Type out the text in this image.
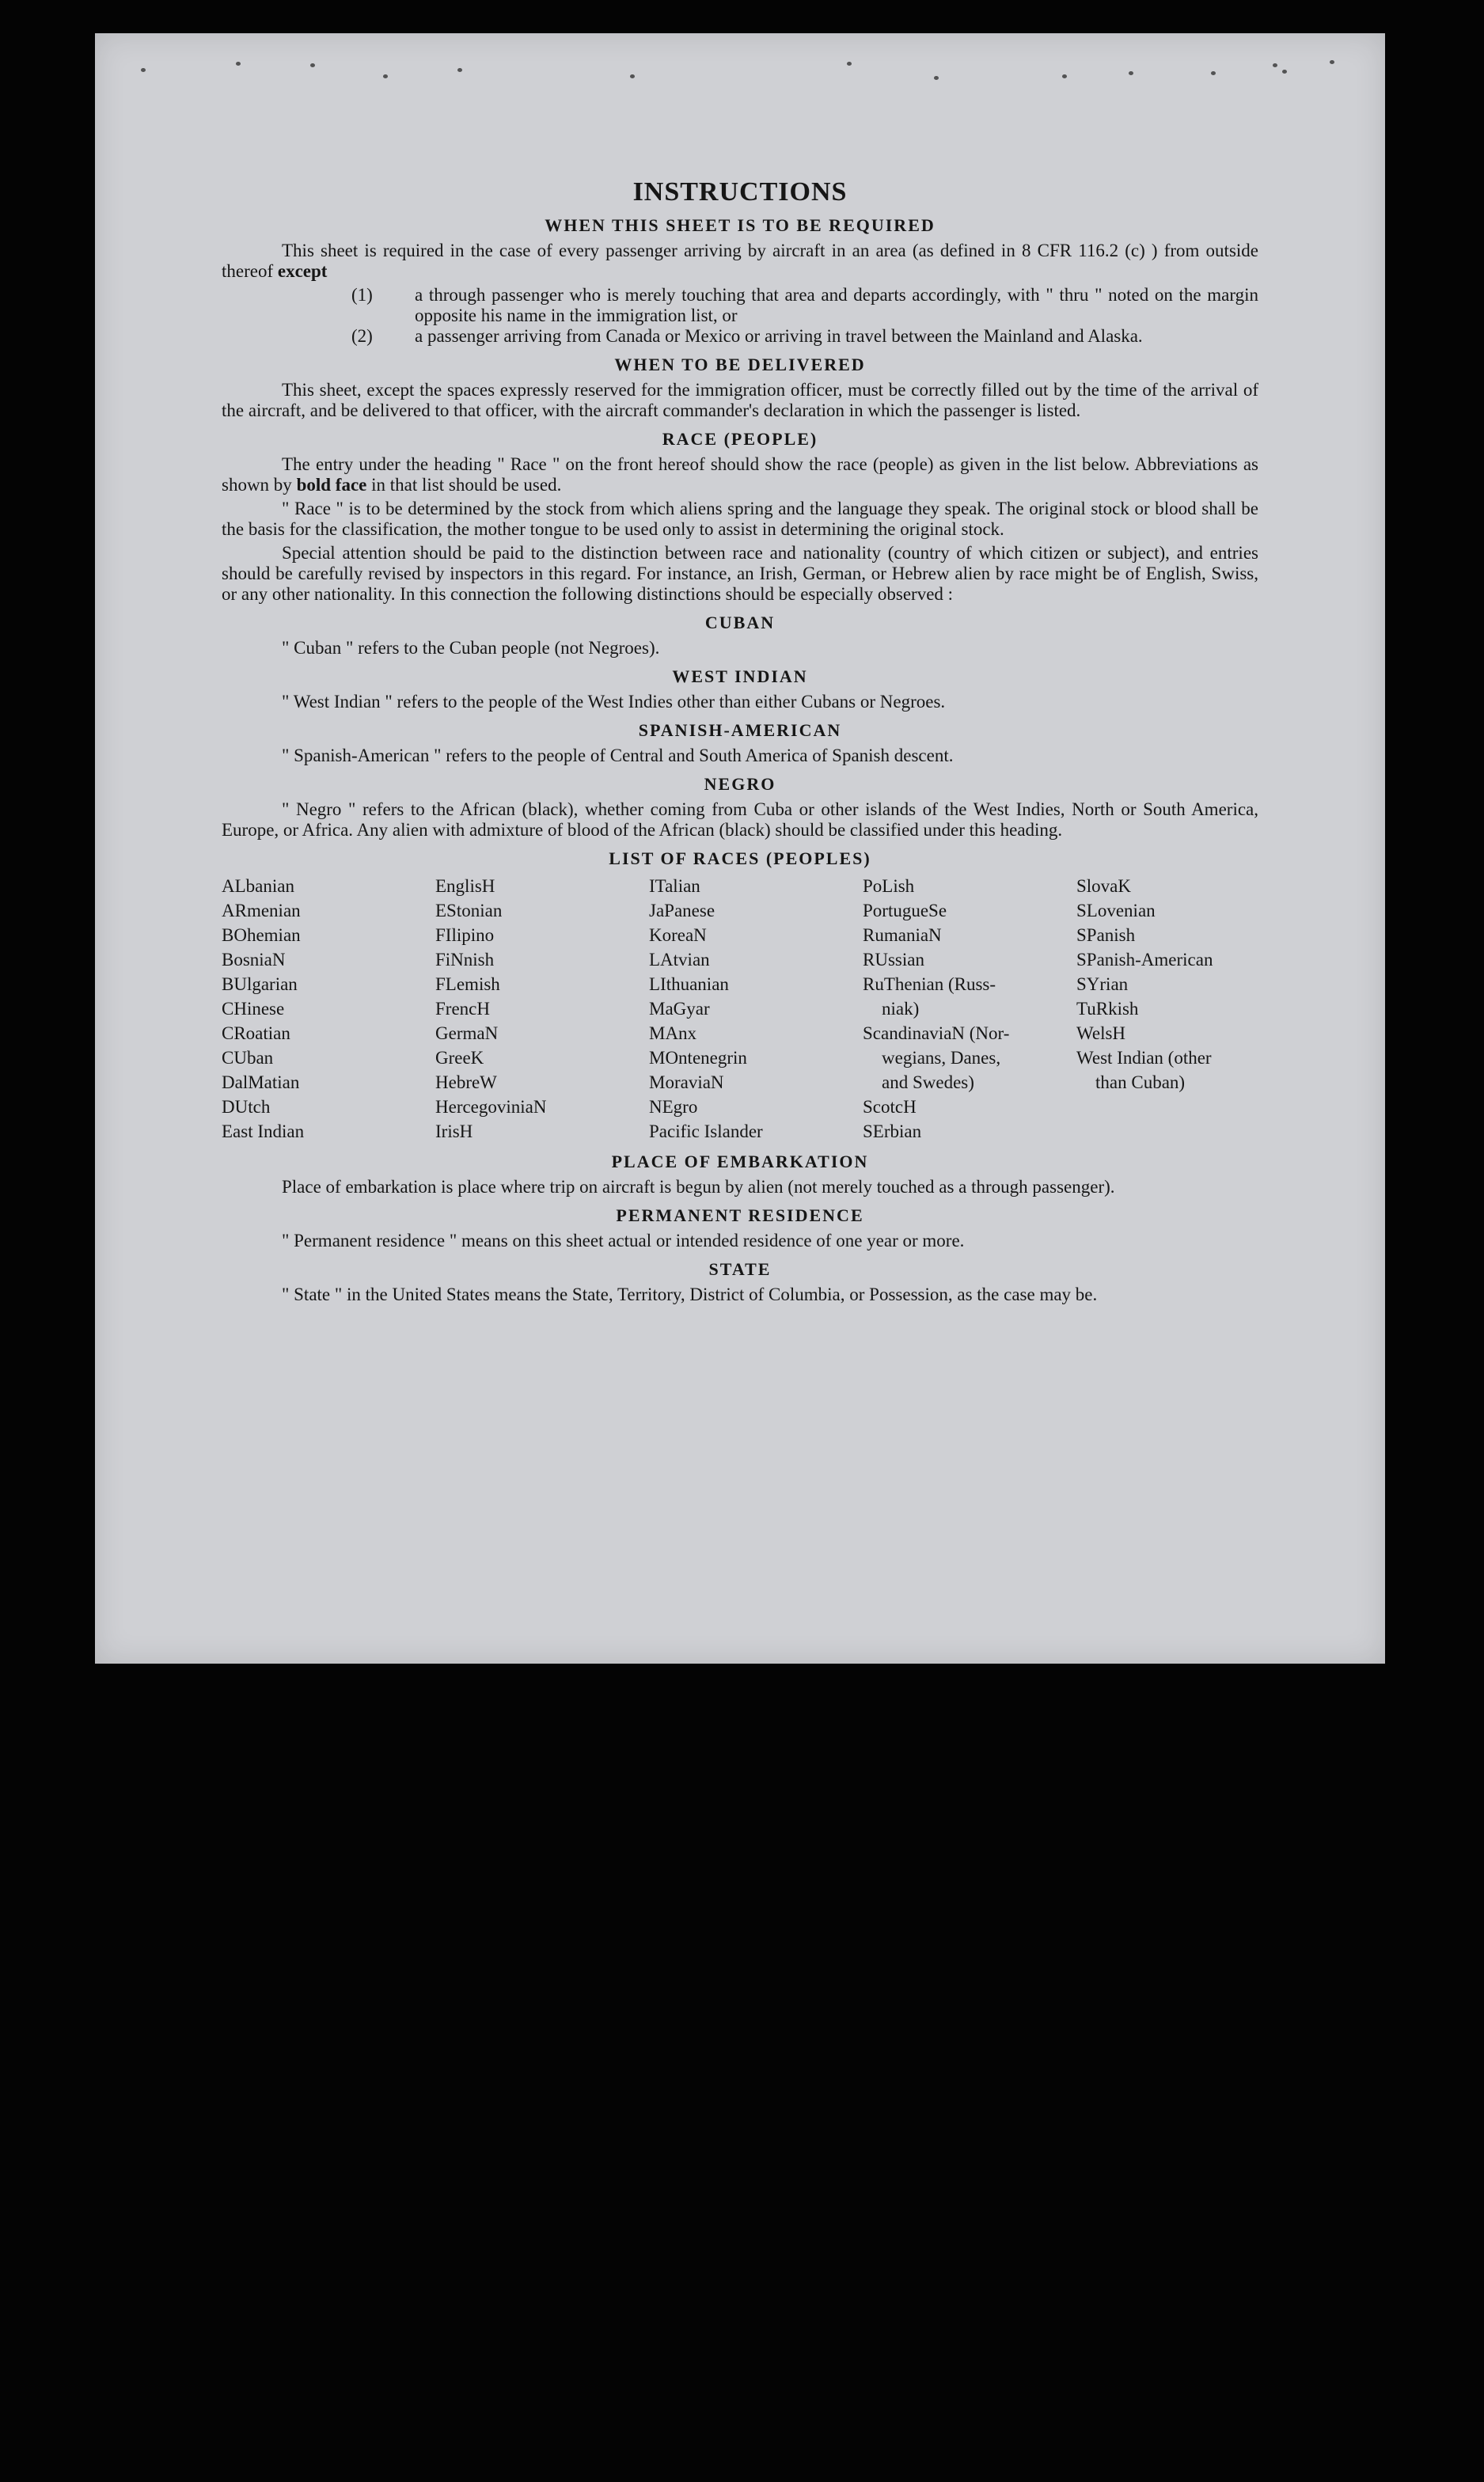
INSTRUCTIONS
WHEN THIS SHEET IS TO BE REQUIRED

This sheet is required in the case of every passenger arriving by aircraft in an area (as defined in 8 CFR 116.2 (c) ) from outside thereof except

(1) a through passenger who is merely touching that area and departs accordingly, with " thru " noted on the margin opposite his name in the immigration list, or

(2) a passenger arriving from Canada or Mexico or arriving in travel between the Mainland and Alaska.

WHEN TO BE DELIVERED

This sheet, except the spaces expressly reserved for the immigration officer, must be correctly filled out by the time of the arrival of the aircraft, and be delivered to that officer, with the aircraft commander's declaration in which the passenger is listed.

RACE (PEOPLE)

The entry under the heading " Race " on the front hereof should show the race (people) as given in the list below. Abbreviations as shown by bold face in that list should be used.

" Race " is to be determined by the stock from which aliens spring and the language they speak. The original stock or blood shall be the basis for the classification, the mother tongue to be used only to assist in determining the original stock.

Special attention should be paid to the distinction between race and nationality (country of which citizen or subject), and entries should be carefully revised by inspectors in this regard. For instance, an Irish, German, or Hebrew alien by race might be of English, Swiss, or any other nationality. In this connection the following distinctions should be especially observed :

CUBAN

" Cuban " refers to the Cuban people (not Negroes).

WEST INDIAN

" West Indian " refers to the people of the West Indies other than either Cubans or Negroes.

SPANISH-AMERICAN

" Spanish-American " refers to the people of Central and South America of Spanish descent.

NEGRO

" Negro " refers to the African (black), whether coming from Cuba or other islands of the West Indies, North or South America, Europe, or Africa. Any alien with admixture of blood of the African (black) should be classified under this heading.

LIST OF RACES (PEOPLES)
ALbanian
ARmenian
BOhemian
BosniaN
BUlgarian
CHinese
CRoatian
CUban
DalMatian
DUtch
East Indian
EnglisH
EStonian
FIlipino
FiNnish
FLemish
FrencH
GermaN
GreeK
HebreW
HercegoviniaN
IrisH
ITalian
JaPanese
KoreaN
LAtvian
LIthuanian
MaGyar
MAnx
MOntenegrin
MoraviaN
NEgro
Pacific Islander
PoLish
PortugueSe
RumaniaN
RUssian
RuThenian (Russ-
niak)
ScandinaviaN (Nor-
wegians, Danes,
and Swedes)
ScotcH
SErbian
SlovaK
SLovenian
SPanish
SPanish-American
SYrian
TuRkish
WelsH
West Indian (other
than Cuban)
PLACE OF EMBARKATION

Place of embarkation is place where trip on aircraft is begun by alien (not merely touched as a through passenger).

PERMANENT RESIDENCE

" Permanent residence " means on this sheet actual or intended residence of one year or more.

STATE

" State " in the United States means the State, Territory, District of Columbia, or Possession, as the case may be.
